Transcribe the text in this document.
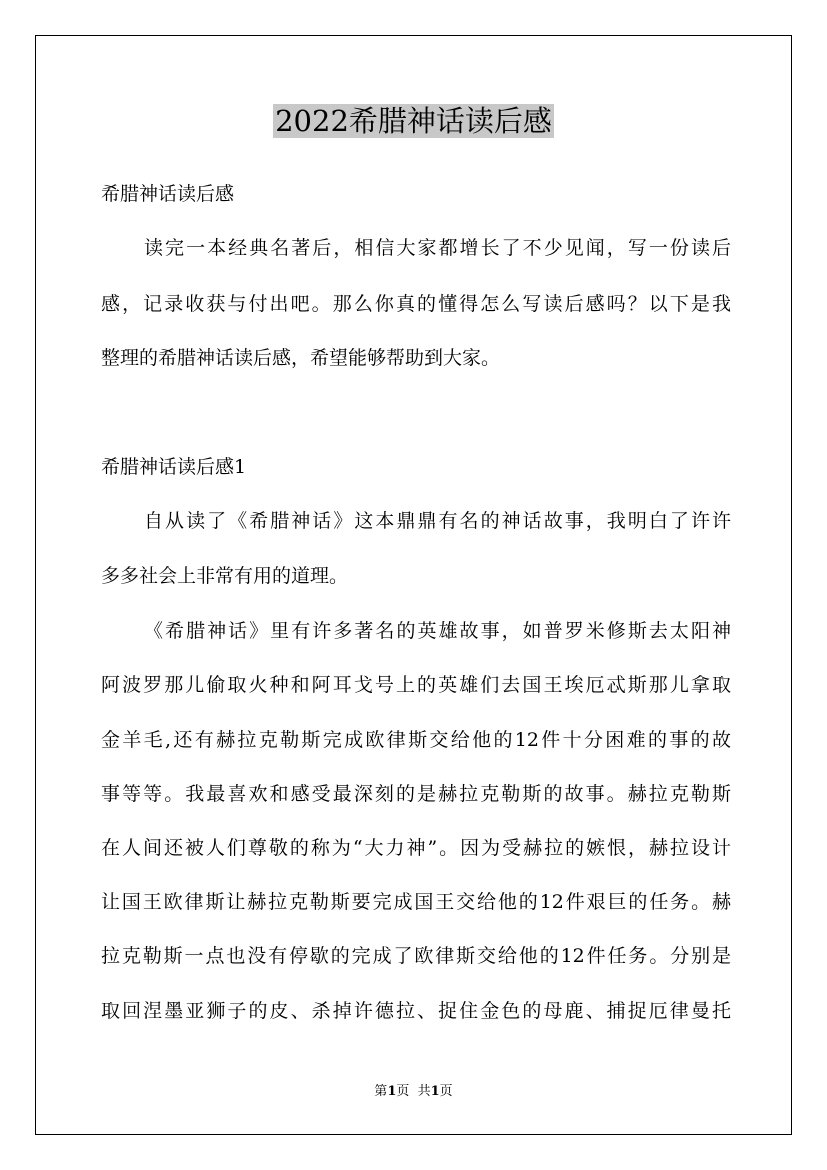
2022希腊神话读后感
希腊神话读后感
读完一本经典名著后，相信大家都增长了不少见闻，写一份读后
感，记录收获与付出吧。那么你真的懂得怎么写读后感吗？以下是我
整理的希腊神话读后感，希望能够帮助到大家。
希腊神话读后感1
自从读了《希腊神话》这本鼎鼎有名的神话故事，我明白了许许
多多社会上非常有用的道理。
《希腊神话》里有许多著名的英雄故事，如普罗米修斯去太阳神
阿波罗那儿偷取火种和阿耳戈号上的英雄们去国王埃厄忒斯那儿拿取
金羊毛,还有赫拉克勒斯完成欧律斯交给他的12件十分困难的事的故
事等等。我最喜欢和感受最深刻的是赫拉克勒斯的故事。赫拉克勒斯
在人间还被人们尊敬的称为“大力神”。因为受赫拉的嫉恨，赫拉设计
让国王欧律斯让赫拉克勒斯要完成国王交给他的12件艰巨的任务。赫
拉克勒斯一点也没有停歇的完成了欧律斯交给他的12件任务。分别是
取回涅墨亚狮子的皮、杀掉许德拉、捉住金色的母鹿、捕捉厄律曼托
第1页  共1页
